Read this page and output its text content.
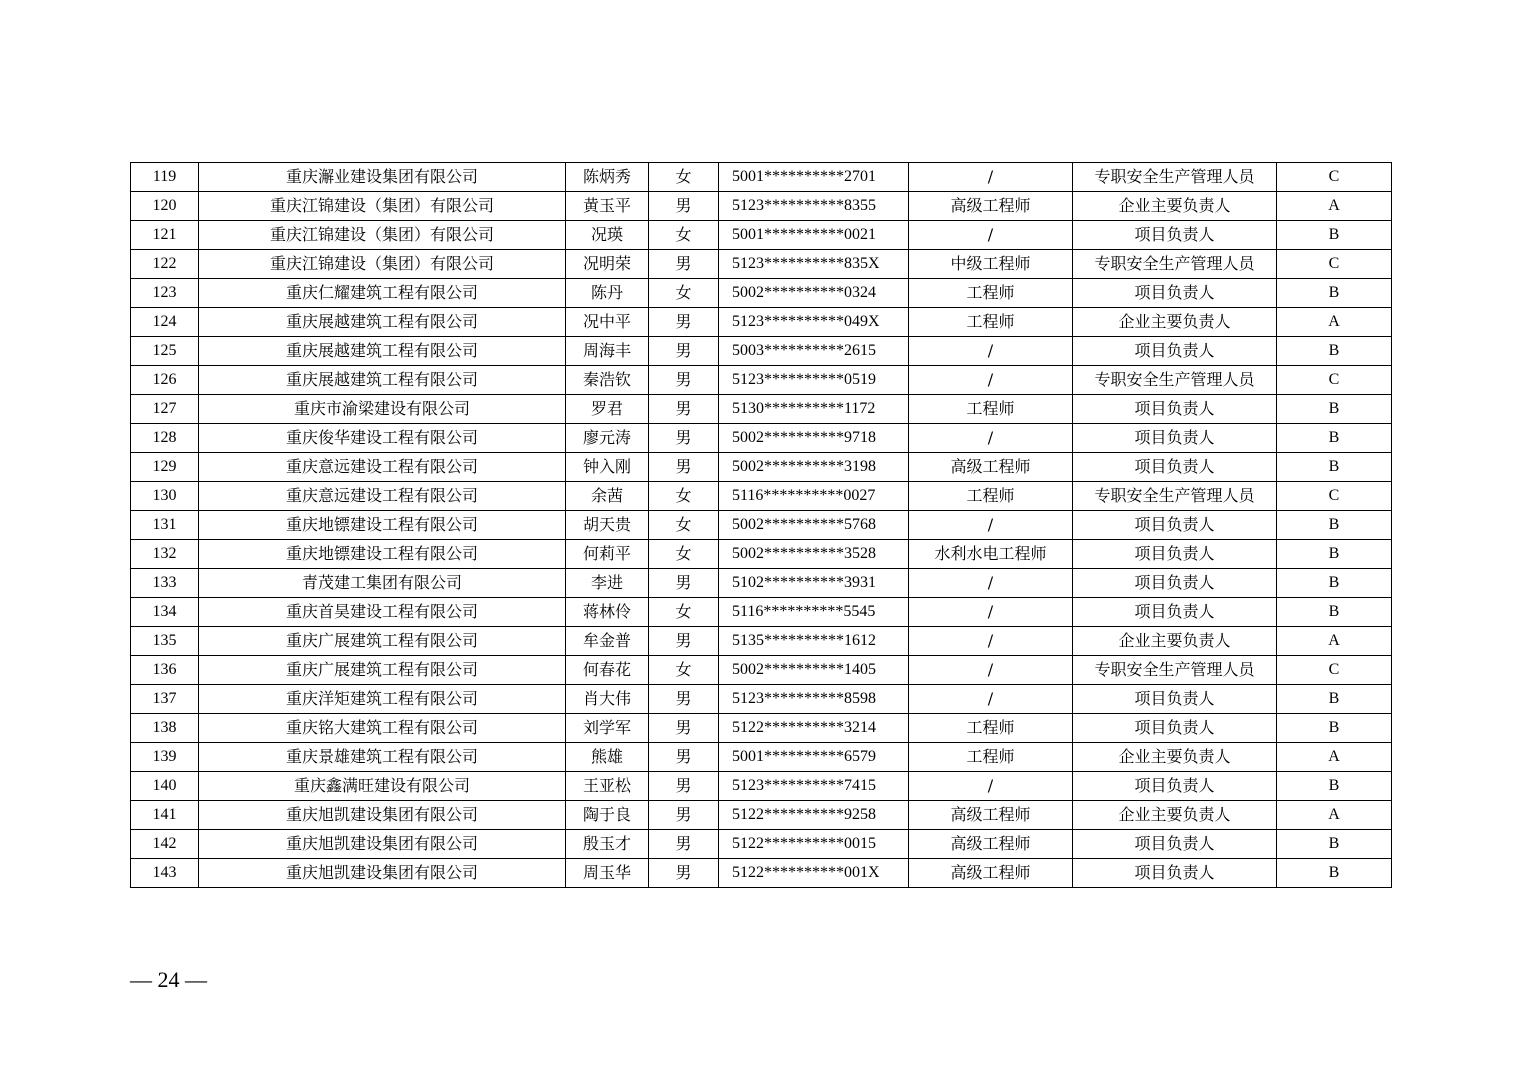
119	重庆澥业建设集团有限公司	陈炳秀	女	5001**********2701	/	专职安全生产管理人员	C
120	重庆江锦建设（集团）有限公司	黄玉平	男	5123**********8355	高级工程师	企业主要负责人	A
121	重庆江锦建设（集团）有限公司	况瑛	女	5001**********0021	/	项目负责人	B
122	重庆江锦建设（集团）有限公司	况明荣	男	5123**********835X	中级工程师	专职安全生产管理人员	C
123	重庆仁耀建筑工程有限公司	陈丹	女	5002**********0324	工程师	项目负责人	B
124	重庆展越建筑工程有限公司	况中平	男	5123**********049X	工程师	企业主要负责人	A
125	重庆展越建筑工程有限公司	周海丰	男	5003**********2615	/	项目负责人	B
126	重庆展越建筑工程有限公司	秦浩钦	男	5123**********0519	/	专职安全生产管理人员	C
127	重庆市渝梁建设有限公司	罗君	男	5130**********1172	工程师	项目负责人	B
128	重庆俊华建设工程有限公司	廖元涛	男	5002**********9718	/	项目负责人	B
129	重庆意远建设工程有限公司	钟入刚	男	5002**********3198	高级工程师	项目负责人	B
130	重庆意远建设工程有限公司	余茜	女	5116**********0027	工程师	专职安全生产管理人员	C
131	重庆地镖建设工程有限公司	胡天贵	女	5002**********5768	/	项目负责人	B
132	重庆地镖建设工程有限公司	何莉平	女	5002**********3528	水利水电工程师	项目负责人	B
133	青茂建工集团有限公司	李进	男	5102**********3931	/	项目负责人	B
134	重庆首昊建设工程有限公司	蒋林伶	女	5116**********5545	/	项目负责人	B
135	重庆广展建筑工程有限公司	牟金普	男	5135**********1612	/	企业主要负责人	A
136	重庆广展建筑工程有限公司	何春花	女	5002**********1405	/	专职安全生产管理人员	C
137	重庆洋矩建筑工程有限公司	肖大伟	男	5123**********8598	/	项目负责人	B
138	重庆铭大建筑工程有限公司	刘学军	男	5122**********3214	工程师	项目负责人	B
139	重庆景雄建筑工程有限公司	熊雄	男	5001**********6579	工程师	企业主要负责人	A
140	重庆鑫满旺建设有限公司	王亚松	男	5123**********7415	/	项目负责人	B
141	重庆旭凯建设集团有限公司	陶于良	男	5122**********9258	高级工程师	企业主要负责人	A
142	重庆旭凯建设集团有限公司	殷玉才	男	5122**********0015	高级工程师	项目负责人	B
143	重庆旭凯建设集团有限公司	周玉华	男	5122**********001X	高级工程师	项目负责人	B
— 24 —
